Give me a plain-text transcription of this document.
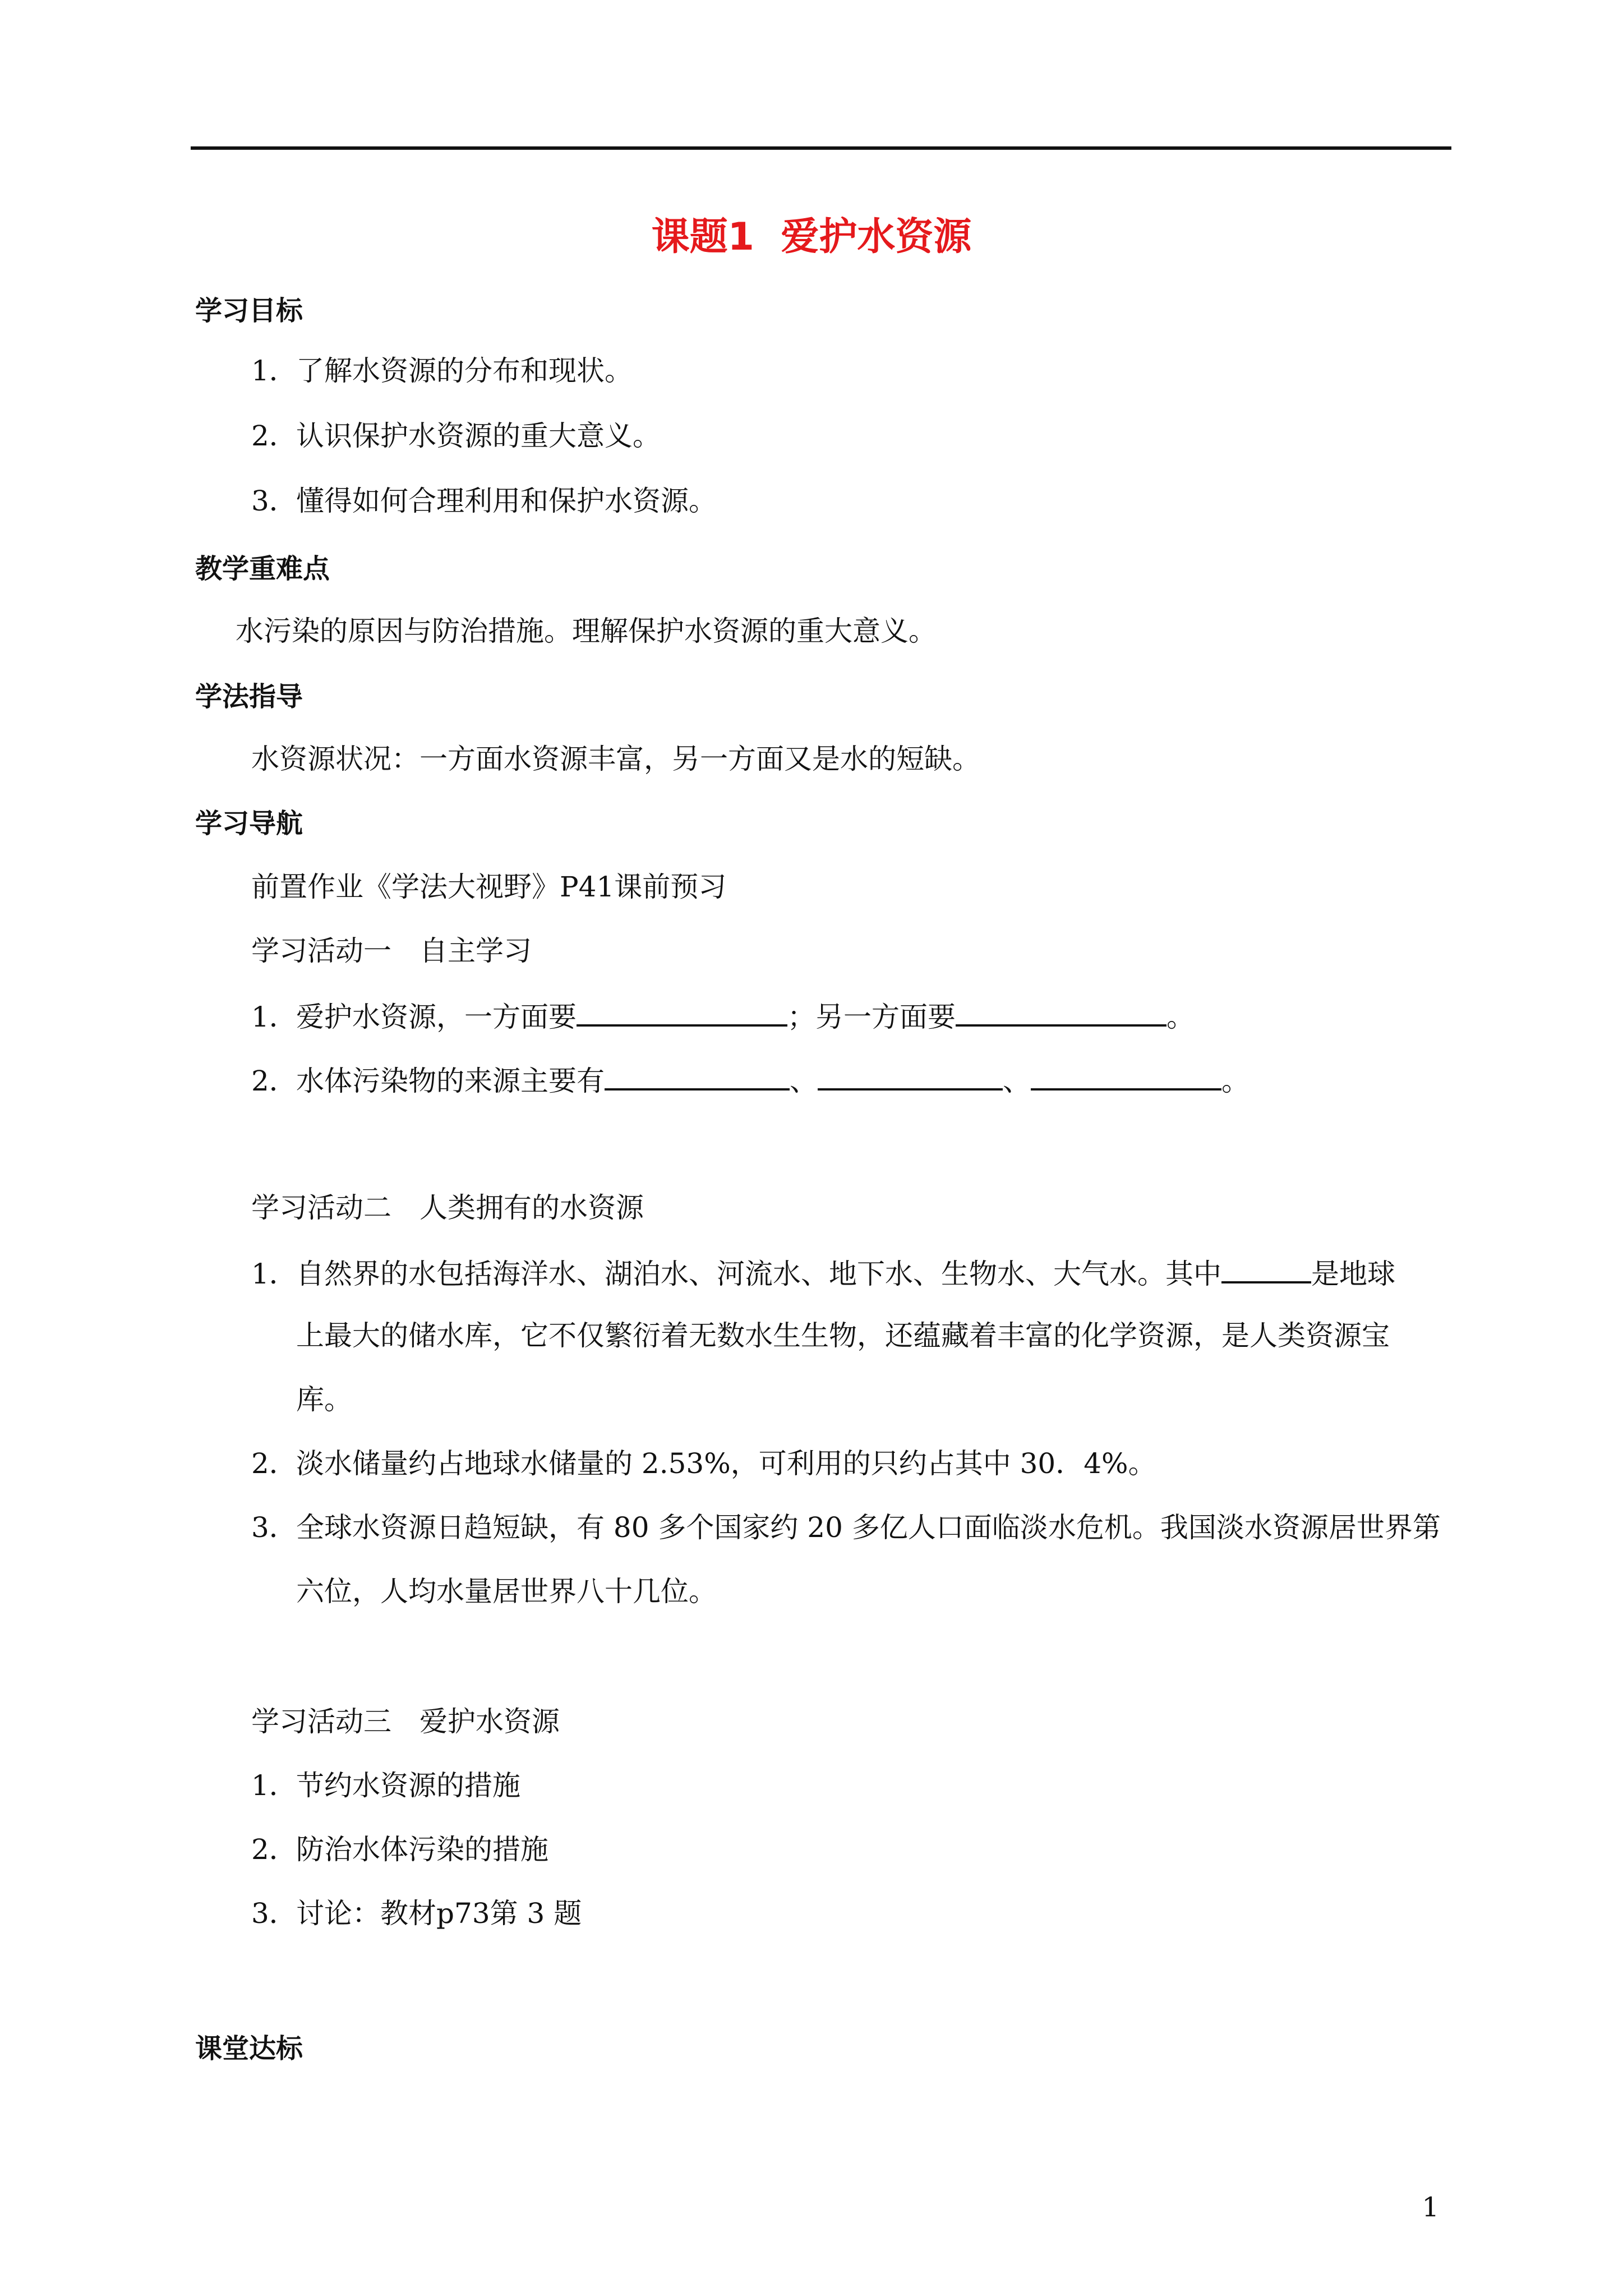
课题1  爱护水资源
学习目标
1．了解水资源的分布和现状。
2．认识保护水资源的重大意义。
3．懂得如何合理利用和保护水资源。
教学重难点
水污染的原因与防治措施。理解保护水资源的重大意义。
学法指导
水资源状况：一方面水资源丰富，另一方面又是水的短缺。
学习导航
前置作业《学法大视野》P41课前预习
学习活动一　自主学习
1．爱护水资源，一方面要	；另一方面要	。
2．水体污染物的来源主要有	、	、	。
学习活动二　人类拥有的水资源
1．自然界的水包括海洋水、湖泊水、河流水、地下水、生物水、大气水。其中	是地球
上最大的储水库，它不仅繁衍着无数水生生物，还蕴藏着丰富的化学资源，是人类资源宝
库。
2．淡水储量约占地球水储量的 2.53%，可利用的只约占其中 30．4%。
3．全球水资源日趋短缺，有 80 多个国家约 20 多亿人口面临淡水危机。我国淡水资源居世界第
六位，人均水量居世界八十几位。
学习活动三　爱护水资源
1．节约水资源的措施
2．防治水体污染的措施
3．讨论：教材p73第 3 题
课堂达标
1
